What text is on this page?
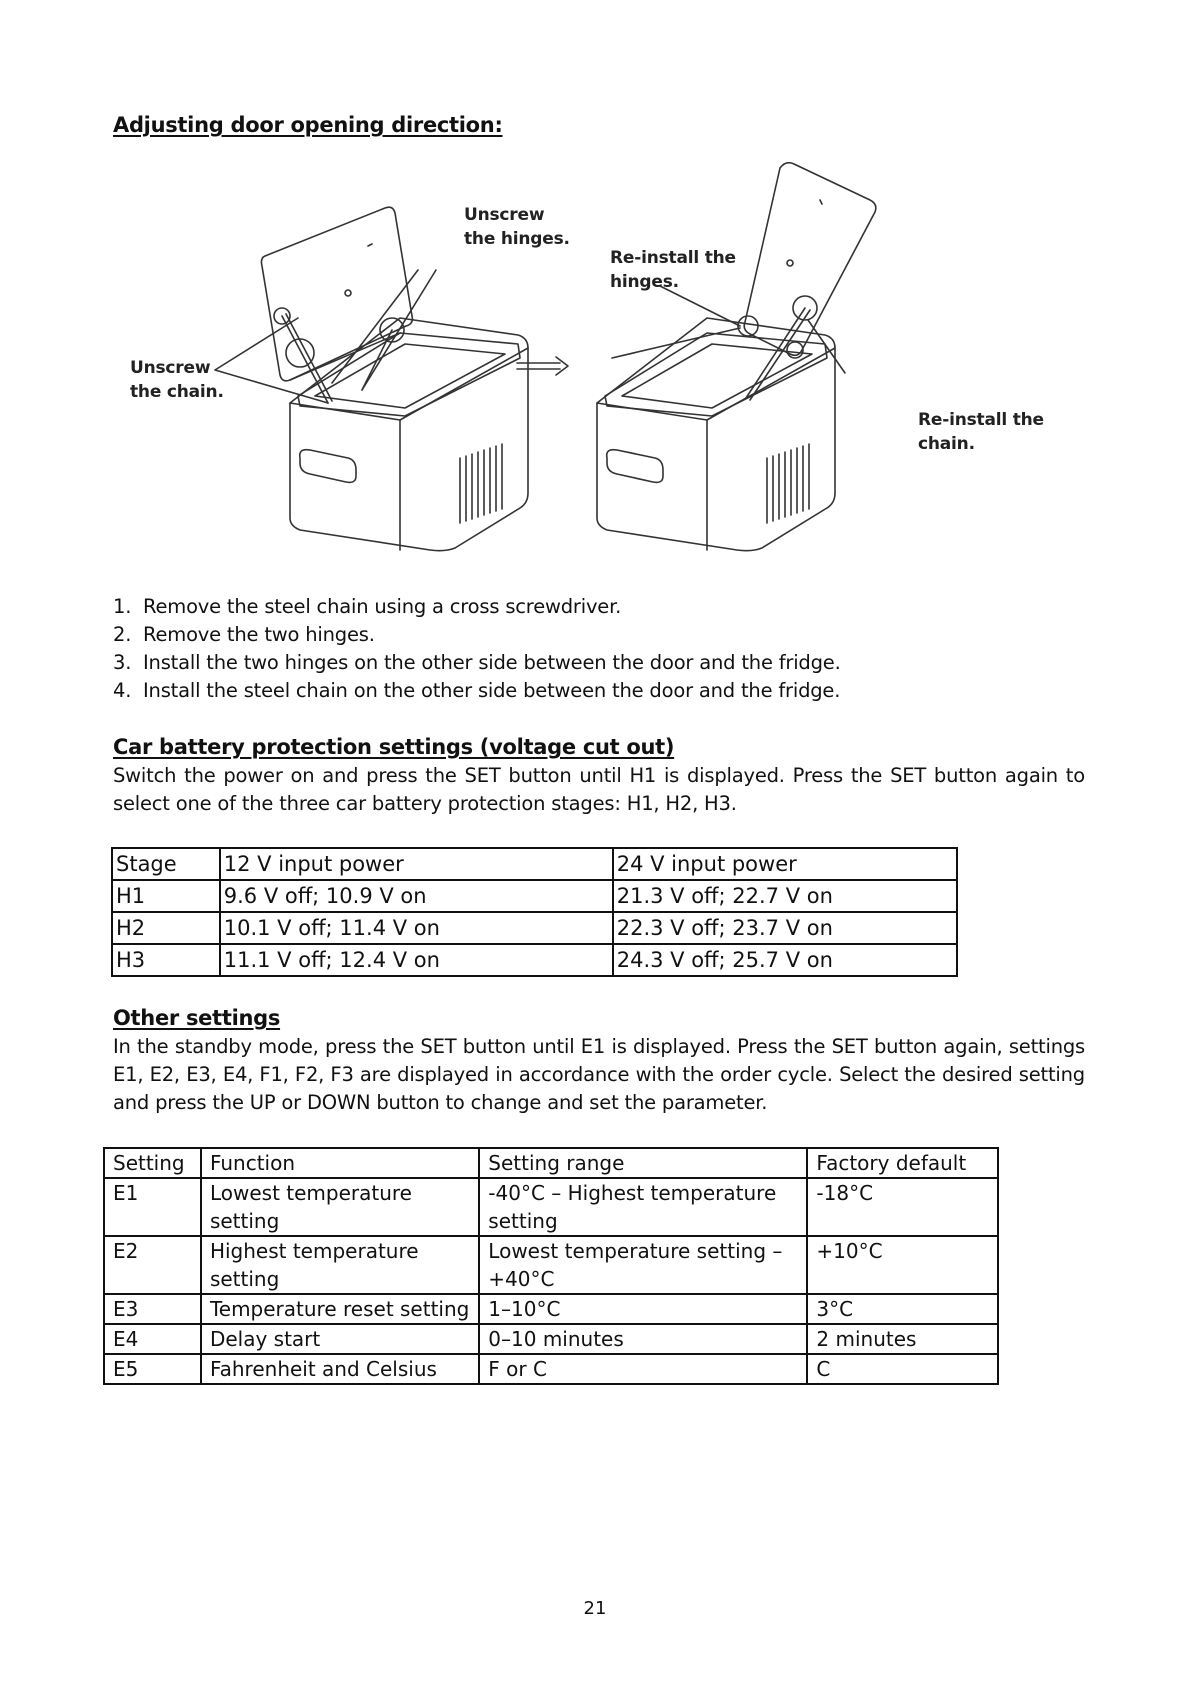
Adjusting door opening direction:

Unscrew
the hinges.

Unscrew
the chain.

Re-install the
hinges.

Re-install the
chain.

1. Remove the steel chain using a cross screwdriver.
2. Remove the two hinges.
3. Install the two hinges on the other side between the door and the fridge.
4. Install the steel chain on the other side between the door and the fridge.
Car battery protection settings (voltage cut out)

Switch the power on and press the SET button until H1 is displayed. Press the SET button again to select one of the three car battery protection stages: H1, H2, H3.

Stage	12 V input power	24 V input power
H1	9.6 V off; 10.9 V on	21.3 V off; 22.7 V on
H2	10.1 V off; 11.4 V on	22.3 V off; 23.7 V on
H3	11.1 V off; 12.4 V on	24.3 V off; 25.7 V on
Other settings

In the standby mode, press the SET button until E1 is displayed. Press the SET button again, settings E1, E2, E3, E4, F1, F2, F3 are displayed in accordance with the order cycle. Select the desired setting and press the UP or DOWN button to change and set the parameter.

Setting	Function	Setting range	Factory default
E1	Lowest temperature setting	-40°C – Highest temperature setting	-18°C
E2	Highest temperature setting	Lowest temperature setting – +40°C	+10°C
E3	Temperature reset setting	1–10°C	3°C
E4	Delay start	0–10 minutes	2 minutes
E5	Fahrenheit and Celsius	F or C	C

21
